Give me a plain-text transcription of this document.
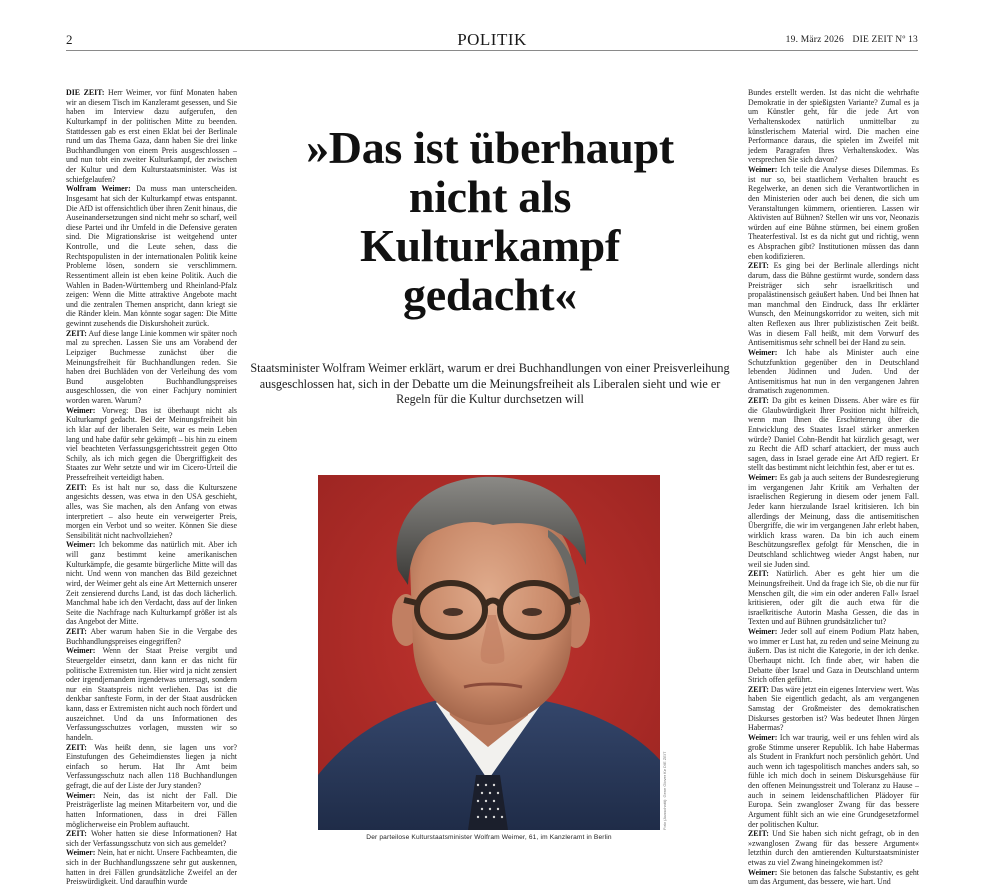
2	POLITIK	19. März 2026 DIE ZEIT Nº 13

DIE ZEIT: Herr Weimer, vor fünf Monaten haben wir an diesem Tisch im Kanzleramt gesessen, und Sie haben im Interview dazu aufgerufen, den Kulturkampf in der politischen Mitte zu beenden. Stattdessen gab es erst einen Eklat bei der Berlinale rund um das Thema Gaza, dann haben Sie drei linke Buchhandlungen von einem Preis ausgeschlossen – und nun tobt ein zweiter Kulturkampf, der zwischen der Kultur und dem Kulturstaatsminister. Was ist schiefgelaufen?

Wolfram Weimer: Da muss man unterscheiden. Insgesamt hat sich der Kulturkampf etwas entspannt. Die AfD ist offensichtlich über ihren Zenit hinaus, die Auseinandersetzungen sind nicht mehr so scharf, weil diese Partei und ihr Umfeld in die Defensive geraten sind. Die Migrationskrise ist weitgehend unter Kontrolle, und die Leute sehen, dass die Rechtspopulisten in der internationalen Politik keine Probleme lösen, sondern sie verschlimmern. Ressentiment allein ist eben keine Politik. Auch die Wahlen in Baden-Württemberg und Rheinland-Pfalz zeigen: Wenn die Mitte attraktive Angebote macht und die zentralen Themen anspricht, dann kriegt sie die Ränder klein. Man könnte sogar sagen: Die Mitte gewinnt zusehends die Diskurshoheit zurück.

ZEIT: Auf diese lange Linie kommen wir später noch mal zu sprechen. Lassen Sie uns am Vorabend der Leipziger Buchmesse zunächst über die Meinungsfreiheit für Buchhandlungen reden. Sie haben drei Buchläden von der Verleihung des vom Bund ausgelobten Buchhandlungspreises ausgeschlossen, die von einer Fachjury nominiert worden waren. Warum?

Weimer: Vorweg: Das ist überhaupt nicht als Kulturkampf gedacht. Bei der Meinungsfreiheit bin ich klar auf der liberalen Seite, war es mein Leben lang und habe dafür sehr gekämpft – bis hin zu einem viel beachteten Verfassungsgerichtsstreit gegen Otto Schily, als ich mich gegen die Übergriffigkeit des Staates zur Wehr setzte und wir im Cicero-Urteil die Pressefreiheit verteidigt haben.

ZEIT: Es ist halt nur so, dass die Kulturszene angesichts dessen, was etwa in den USA geschieht, alles, was Sie machen, als den Anfang von etwas interpretiert – also heute ein verweigerter Preis, morgen ein Verbot und so weiter. Können Sie diese Sensibilität nicht nachvollziehen?

Weimer: Ich bekomme das natürlich mit. Aber ich will ganz bestimmt keine amerikanischen Kulturkämpfe, die gesamte bürgerliche Mitte will das nicht. Und wenn von manchen das Bild gezeichnet wird, der Weimer geht als eine Art Metternich unserer Zeit zensierend durchs Land, ist das doch lächerlich. Manchmal habe ich den Verdacht, dass auf der linken Seite die Nachfrage nach Kulturkampf größer ist als das Angebot der Mitte.

ZEIT: Aber warum haben Sie in die Vergabe des Buchhandlungspreises eingegriffen?

Weimer: Wenn der Staat Preise vergibt und Steuergelder einsetzt, dann kann er das nicht für politische Extremisten tun. Hier wird ja nicht zensiert oder irgendjemandem irgendetwas untersagt, sondern nur ein Staatspreis nicht verliehen. Das ist die denkbar sanfteste Form, in der der Staat ausdrücken kann, dass er Extremisten nicht auch noch fördert und auszeichnet. Und da uns Informationen des Verfassungsschutzes vorlagen, mussten wir so handeln.

ZEIT: Was heißt denn, sie lagen uns vor? Einstufungen des Geheimdienstes liegen ja nicht einfach so herum. Hat Ihr Amt beim Verfassungsschutz nach allen 118 Buchhandlungen gefragt, die auf der Liste der Jury standen?

Weimer: Nein, das ist nicht der Fall. Die Preisträgerliste lag meinen Mitarbeitern vor, und die hatten Informationen, dass in drei Fällen möglicherweise ein Problem auftaucht.

ZEIT: Woher hatten sie diese Informationen? Hat sich der Verfassungsschutz von sich aus gemeldet?

Weimer: Nein, hat er nicht. Unsere Fachbeamten, die sich in der Buchhandlungsszene sehr gut auskennen, hatten in drei Fällen grundsätzliche Zweifel an der Preiswürdigkeit. Und daraufhin wurde

»Das ist überhaupt
nicht als
Kulturkampf
gedacht«

Staatsminister Wolfram Weimer erklärt, warum er drei Buchhandlungen von einer Preisverleihung ausgeschlossen hat, sich in der Debatte um die Meinungsfreiheit als Liberalen sieht und wie er Regeln für die Kultur durchsetzen will

Foto (Ausschnitt): Gene Glover für DIE ZEIT
Der parteilose Kulturstaatsminister Wolfram Weimer, 61, im Kanzleramt in Berlin

Bundes erstellt werden. Ist das nicht die wehrhafte Demokratie in der spießigsten Variante? Zumal es ja um Künstler geht, für die jede Art von Verhaltenskodex natürlich unmittelbar zu künstlerischem Material wird. Die machen eine Performance daraus, die spielen im Zweifel mit jedem Paragrafen Ihres Verhaltenskodex. Was versprechen Sie sich davon?

Weimer: Ich teile die Analyse dieses Dilemmas. Es ist nur so, bei staatlichem Verhalten braucht es Regelwerke, an denen sich die Verantwortlichen in den Ministerien oder auch bei denen, die sich um Veranstaltungen kümmern, orientieren. Lassen wir Aktivisten auf Bühnen? Stellen wir uns vor, Neonazis würden auf eine Bühne stürmen, bei einem großen Theaterfestival. Ist es da nicht gut und richtig, wenn es Absprachen gibt? Institutionen müssen das dann eben kodifizieren.

ZEIT: Es ging bei der Berlinale allerdings nicht darum, dass die Bühne gestürmt wurde, sondern dass Preisträger sich sehr israelkritisch und propalästinensisch geäußert haben. Und bei Ihnen hat man manchmal den Eindruck, dass Ihr erklärter Wunsch, den Meinungskorridor zu weiten, sich mit alten Reflexen aus Ihrer publizistischen Zeit beißt. Was in diesem Fall heißt, mit dem Vorwurf des Antisemitismus sehr schnell bei der Hand zu sein.

Weimer: Ich habe als Minister auch eine Schutzfunktion gegenüber den in Deutschland lebenden Jüdinnen und Juden. Und der Antisemitismus hat nun in den vergangenen Jahren dramatisch zugenommen.

ZEIT: Da gibt es keinen Dissens. Aber wäre es für die Glaubwürdigkeit Ihrer Position nicht hilfreich, wenn man Ihnen die Erschütterung über die Entwicklung des Staates Israel stärker anmerken würde? Daniel Cohn-Bendit hat kürzlich gesagt, wer zu Recht die AfD scharf attackiert, der muss auch sagen, dass in Israel gerade eine Art AfD regiert. Er stellt das bestimmt nicht leichthin fest, aber er tut es.

Weimer: Es gab ja auch seitens der Bundesregierung im vergangenen Jahr Kritik am Verhalten der israelischen Regierung in diesem oder jenem Fall. Jeder kann hierzulande Israel kritisieren. Ich bin allerdings der Meinung, dass die antisemitischen Übergriffe, die wir im vergangenen Jahr erlebt haben, wirklich krass waren. Da bin ich auch einem Beschützungsreflex gefolgt für Menschen, die in Deutschland schlichtweg wieder Angst haben, nur weil sie Juden sind.

ZEIT: Natürlich. Aber es geht hier um die Meinungsfreiheit. Und da frage ich Sie, ob die nur für Menschen gilt, die »im ein oder anderen Fall« Israel kritisieren, oder gilt die auch etwa für die israelkritische Autorin Masha Gessen, die das in Texten und auf Bühnen grundsätzlicher tut?

Weimer: Jeder soll auf einem Podium Platz haben, wo immer er Lust hat, zu reden und seine Meinung zu äußern. Das ist nicht die Kategorie, in der ich denke. Überhaupt nicht. Ich finde aber, wir haben die Debatte über Israel und Gaza in Deutschland unterm Strich offen geführt.

ZEIT: Das wäre jetzt ein eigenes Interview wert. Was haben Sie eigentlich gedacht, als am vergangenen Samstag der Großmeister des demokratischen Diskurses gestorben ist? Was bedeutet Ihnen Jürgen Habermas?

Weimer: Ich war traurig, weil er uns fehlen wird als große Stimme unserer Republik. Ich habe Habermas als Student in Frankfurt noch persönlich gehört. Und auch wenn ich tagespolitisch manches anders sah, so fühle ich mich doch in seinem Diskursgehäuse für den offenen Meinungsstreit und Toleranz zu Hause – auch in seinem leidenschaftlichen Plädoyer für Europa. Sein zwangloser Zwang für das bessere Argument fühlt sich an wie eine Grundgesetzformel der politischen Kultur.

ZEIT: Und Sie haben sich nicht gefragt, ob in den »zwanglosen Zwang für das bessere Argument« letzthin durch den amtierenden Kulturstaatsminister etwas zu viel Zwang hineingekommen ist?

Weimer: Sie betonen das falsche Substantiv, es geht um das Argument, das bessere, wie hart. Und
